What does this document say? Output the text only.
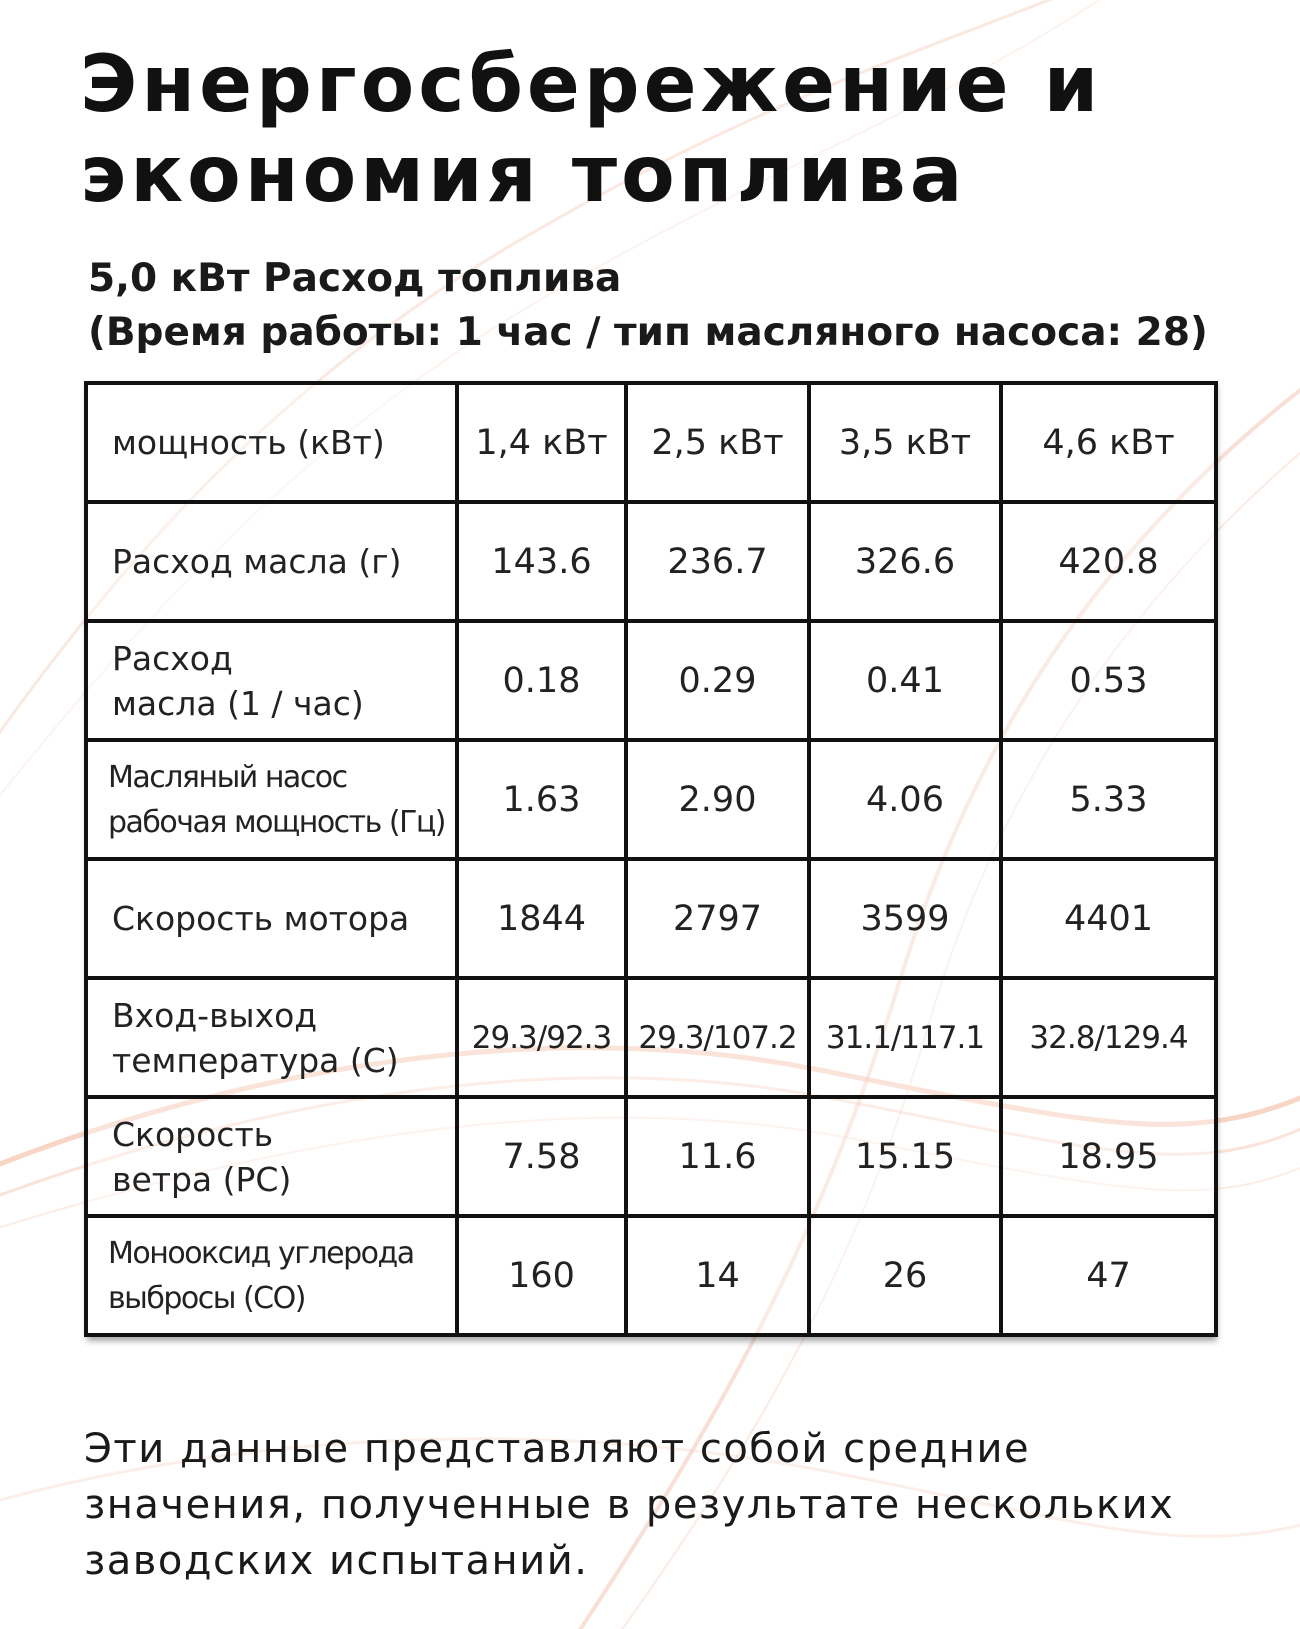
Энергосбережение и
экономия топлива
5,0 кВт Расход топлива
(Время работы: 1 час / тип масляного насоса: 28)
мощность (кВт)	1,4 кВт	2,5 кВт	3,5 кВт	4,6 кВт
Расход масла (г)	143.6	236.7	326.6	420.8
Расход
масла (1 / час)	0.18	0.29	0.41	0.53
Масляный насос
рабочая мощность (Гц)	1.63	2.90	4.06	5.33
Скорость мотора	1844	2797	3599	4401
Вход-выход
температура (С)	29.3/92.3	29.3/107.2	31.1/117.1	32.8/129.4
Скорость
ветра (PC)	7.58	11.6	15.15	18.95
Монооксид углерода
выбросы (CO)	160	14	26	47
Эти данные представляют собой средние
значения, полученные в результате нескольких
заводских испытаний.
